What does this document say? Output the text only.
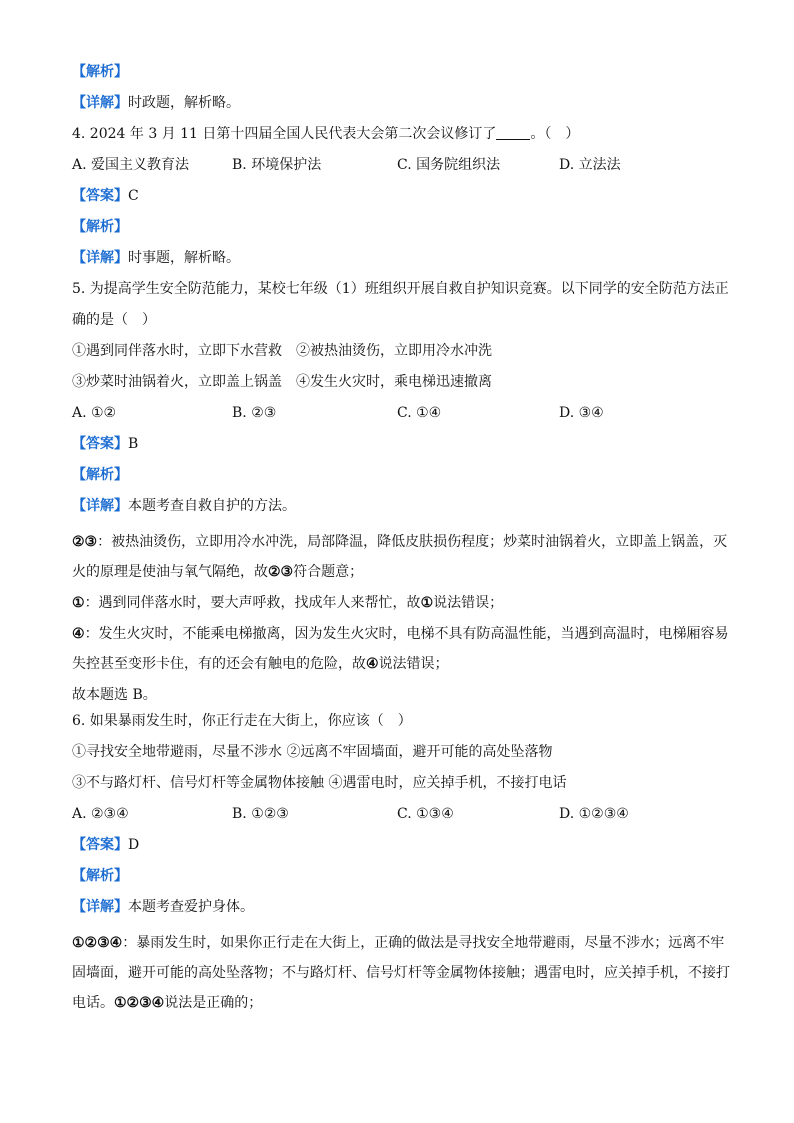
【解析】

【详解】时政题，解析略。

4. 2024 年 3 月 11 日第十四届全国人民代表大会第二次会议修订了 。（　）

A. 爱国主义教育法	B. 环境保护法	C. 国务院组织法	D. 立法法

【答案】C

【解析】

【详解】时事题，解析略。

5. 为提高学生安全防范能力，某校七年级（1）班组织开展自救自护知识竞赛。以下同学的安全防范方法正

确的是（　）

①遇到同伴落水时，立即下水营救　②被热油烫伤，立即用冷水冲洗

③炒菜时油锅着火，立即盖上锅盖　④发生火灾时，乘电梯迅速撤离

A. ①②	B. ②③	C. ①④	D. ③④

【答案】B

【解析】

【详解】本题考查自救自护的方法。

②③：被热油烫伤，立即用冷水冲洗，局部降温，降低皮肤损伤程度；炒菜时油锅着火，立即盖上锅盖，灭火的原理是使油与氧气隔绝，故②③符合题意；

①：遇到同伴落水时，要大声呼救，找成年人来帮忙，故①说法错误；

④：发生火灾时，不能乘电梯撤离，因为发生火灾时，电梯不具有防高温性能，当遇到高温时，电梯厢容易失控甚至变形卡住，有的还会有触电的危险，故④说法错误；

故本题选 B。

6. 如果暴雨发生时，你正行走在大街上，你应该（　）

①寻找安全地带避雨，尽量不涉水 ②远离不牢固墙面，避开可能的高处坠落物

③不与路灯杆、信号灯杆等金属物体接触 ④遇雷电时，应关掉手机，不接打电话

A. ②③④	B. ①②③	C. ①③④	D. ①②③④

【答案】D

【解析】

【详解】本题考查爱护身体。

①②③④：暴雨发生时，如果你正行走在大街上，正确的做法是寻找安全地带避雨，尽量不涉水；远离不牢固墙面，避开可能的高处坠落物；不与路灯杆、信号灯杆等金属物体接触；遇雷电时，应关掉手机，不接打电话。①②③④说法是正确的；
